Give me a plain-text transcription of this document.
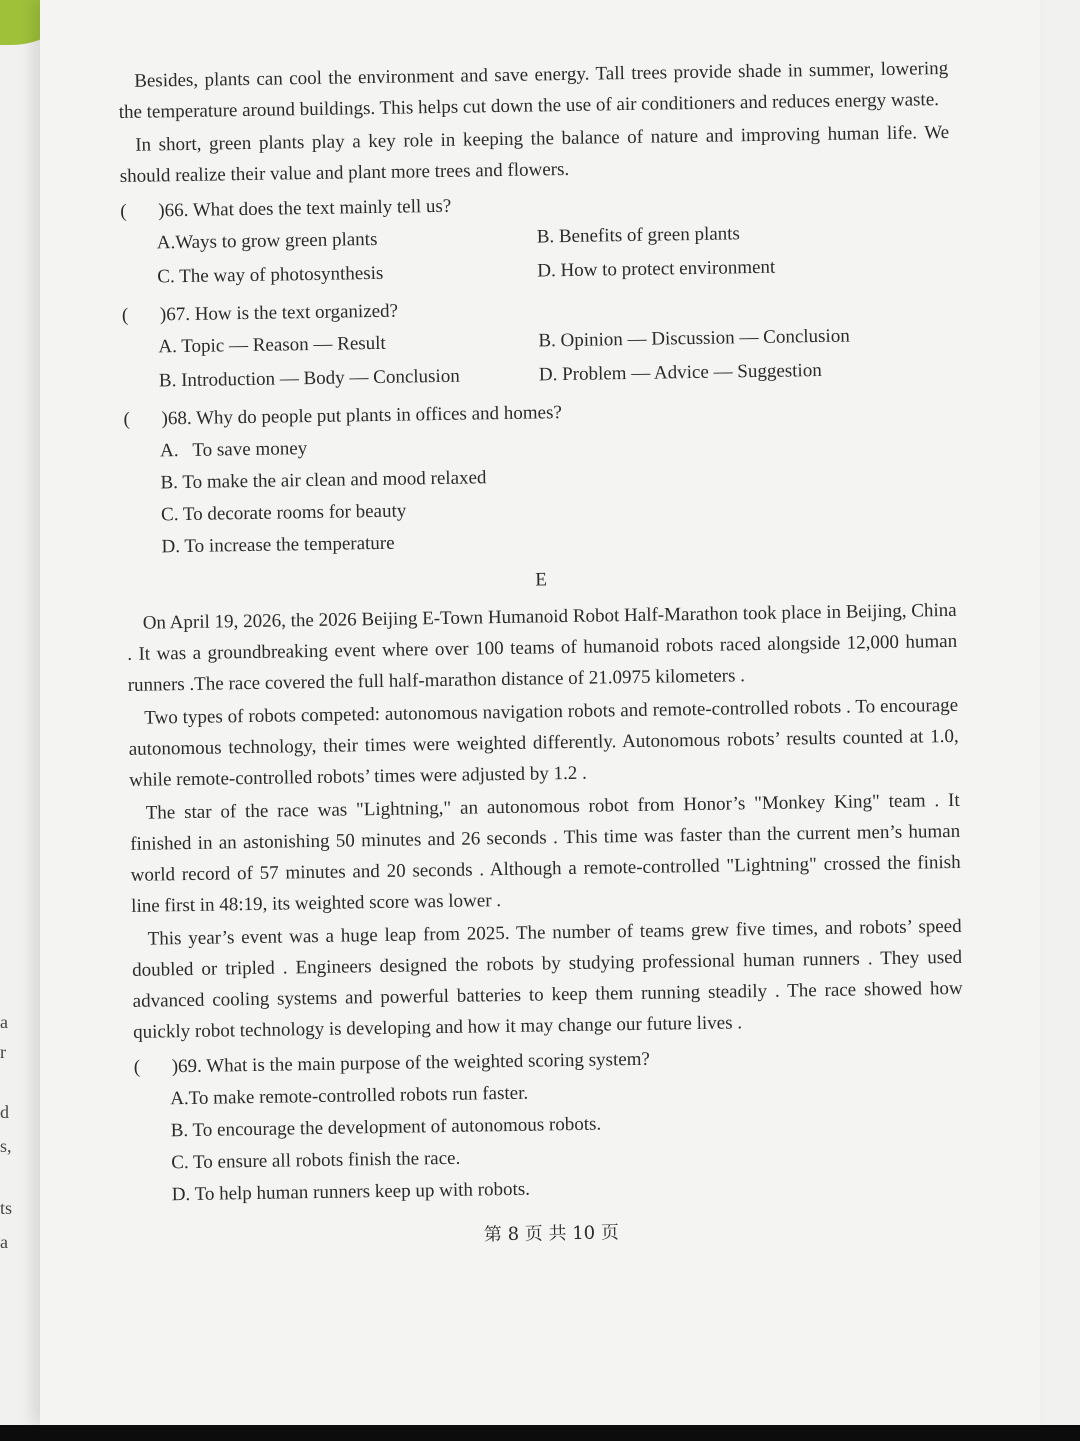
a
r
d
s,
ts
a

Besides, plants can cool the environment and save energy. Tall trees provide shade in summer, lowering the temperature around buildings. This helps cut down the use of air conditioners and reduces energy waste.

In short, green plants play a key role in keeping the balance of nature and improving human life. We should realize their value and plant more trees and flowers.

( )66. What does the text mainly tell us?
A.Ways to grow green plants	B. Benefits of green plants
C. The way of photosynthesis	D. How to protect environment
( )67. How is the text organized?
A. Topic — Reason — Result	B. Opinion — Discussion — Conclusion
B. Introduction — Body — Conclusion	D. Problem — Advice — Suggestion
( )68. Why do people put plants in offices and homes?
A.   To save money
B. To make the air clean and mood relaxed
C. To decorate rooms for beauty
D. To increase the temperature
E

On April 19, 2026, the 2026 Beijing E-Town Humanoid Robot Half-Marathon took place in Beijing, China . It was a groundbreaking event where over 100 teams of humanoid robots raced alongside 12,000 human runners .The race covered the full half-marathon distance of 21.0975 kilometers .

Two types of robots competed: autonomous navigation robots and remote-controlled robots . To encourage autonomous technology, their times were weighted differently. Autonomous robots’ results counted at 1.0, while remote-controlled robots’ times were adjusted by 1.2 .

The star of the race was "Lightning," an autonomous robot from Honor’s "Monkey King" team . It finished in an astonishing 50 minutes and 26 seconds . This time was faster than the current men’s human world record of 57 minutes and 20 seconds . Although a remote-controlled "Lightning" crossed the finish line first in 48:19, its weighted score was lower .

This year’s event was a huge leap from 2025. The number of teams grew five times, and robots’ speed doubled or tripled . Engineers designed the robots by studying professional human runners . They used advanced cooling systems and powerful batteries to keep them running steadily . The race showed how quickly robot technology is developing and how it may change our future lives .

( )69. What is the main purpose of the weighted scoring system?
A.To make remote-controlled robots run faster.
B. To encourage the development of autonomous robots.
C. To ensure all robots finish the race.
D. To help human runners keep up with robots.
第 8 页 共 10 页
